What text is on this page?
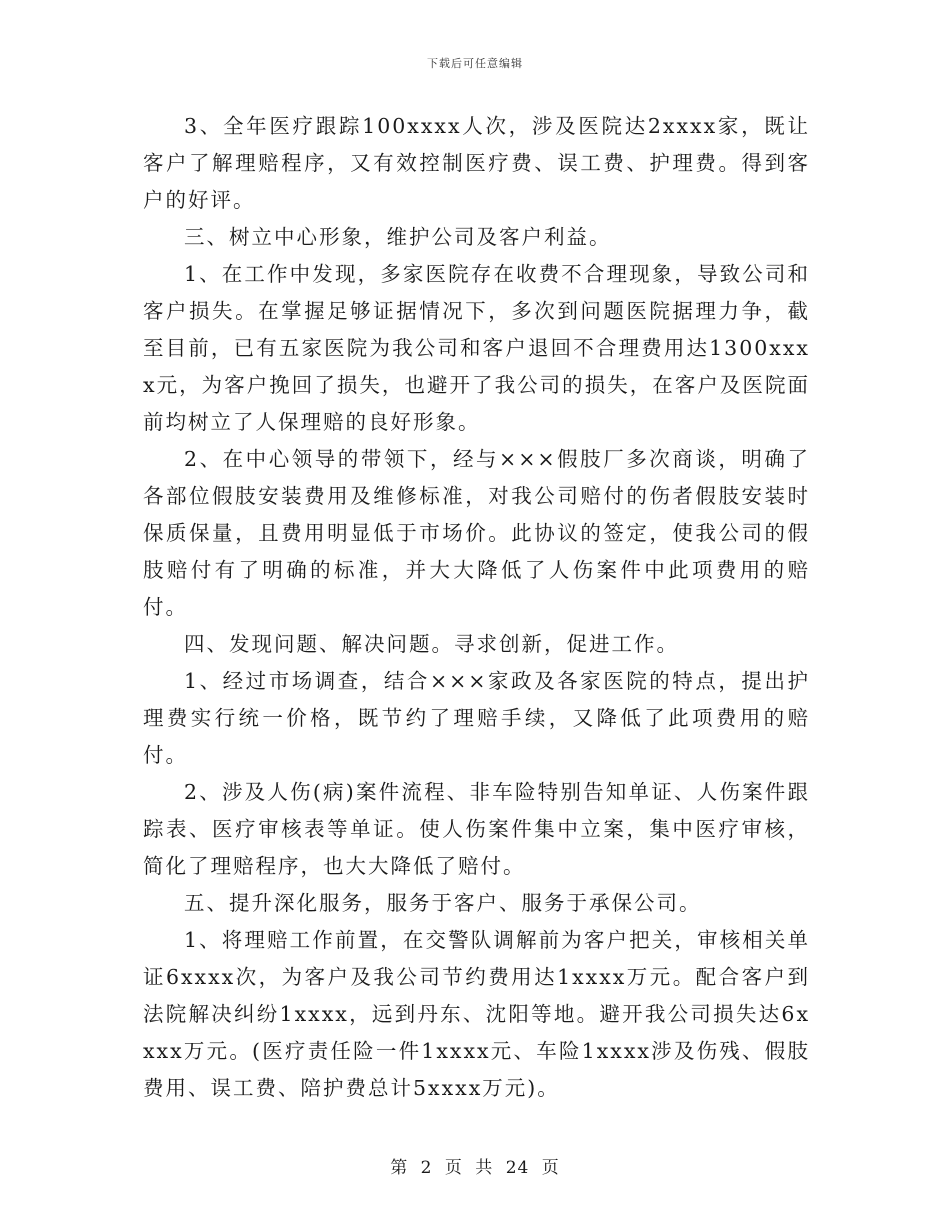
下载后可任意编辑

3、全年医疗跟踪100xxxx人次，涉及医院达2xxxx家，既让客户了解理赔程序，又有效控制医疗费、误工费、护理费。得到客户的好评。

三、树立中心形象，维护公司及客户利益。

1、在工作中发现，多家医院存在收费不合理现象，导致公司和客户损失。在掌握足够证据情况下，多次到问题医院据理力争，截至目前，已有五家医院为我公司和客户退回不合理费用达1300xxxx元，为客户挽回了损失，也避开了我公司的损失，在客户及医院面前均树立了人保理赔的良好形象。

2、在中心领导的带领下，经与×××假肢厂多次商谈，明确了各部位假肢安装费用及维修标准，对我公司赔付的伤者假肢安装时保质保量，且费用明显低于市场价。此协议的签定，使我公司的假肢赔付有了明确的标准，并大大降低了人伤案件中此项费用的赔付。

四、发现问题、解决问题。寻求创新，促进工作。

1、经过市场调查，结合×××家政及各家医院的特点，提出护理费实行统一价格，既节约了理赔手续，又降低了此项费用的赔付。

2、涉及人伤(病)案件流程、非车险特别告知单证、人伤案件跟踪表、医疗审核表等单证。使人伤案件集中立案，集中医疗审核，简化了理赔程序，也大大降低了赔付。

五、提升深化服务，服务于客户、服务于承保公司。

1、将理赔工作前置，在交警队调解前为客户把关，审核相关单证6xxxx次，为客户及我公司节约费用达1xxxx万元。配合客户到法院解决纠纷1xxxx，远到丹东、沈阳等地。避开我公司损失达6xxxx万元。(医疗责任险一件1xxxx元、车险1xxxx涉及伤残、假肢费用、误工费、陪护费总计5xxxx万元)。

第 2 页 共 24 页
